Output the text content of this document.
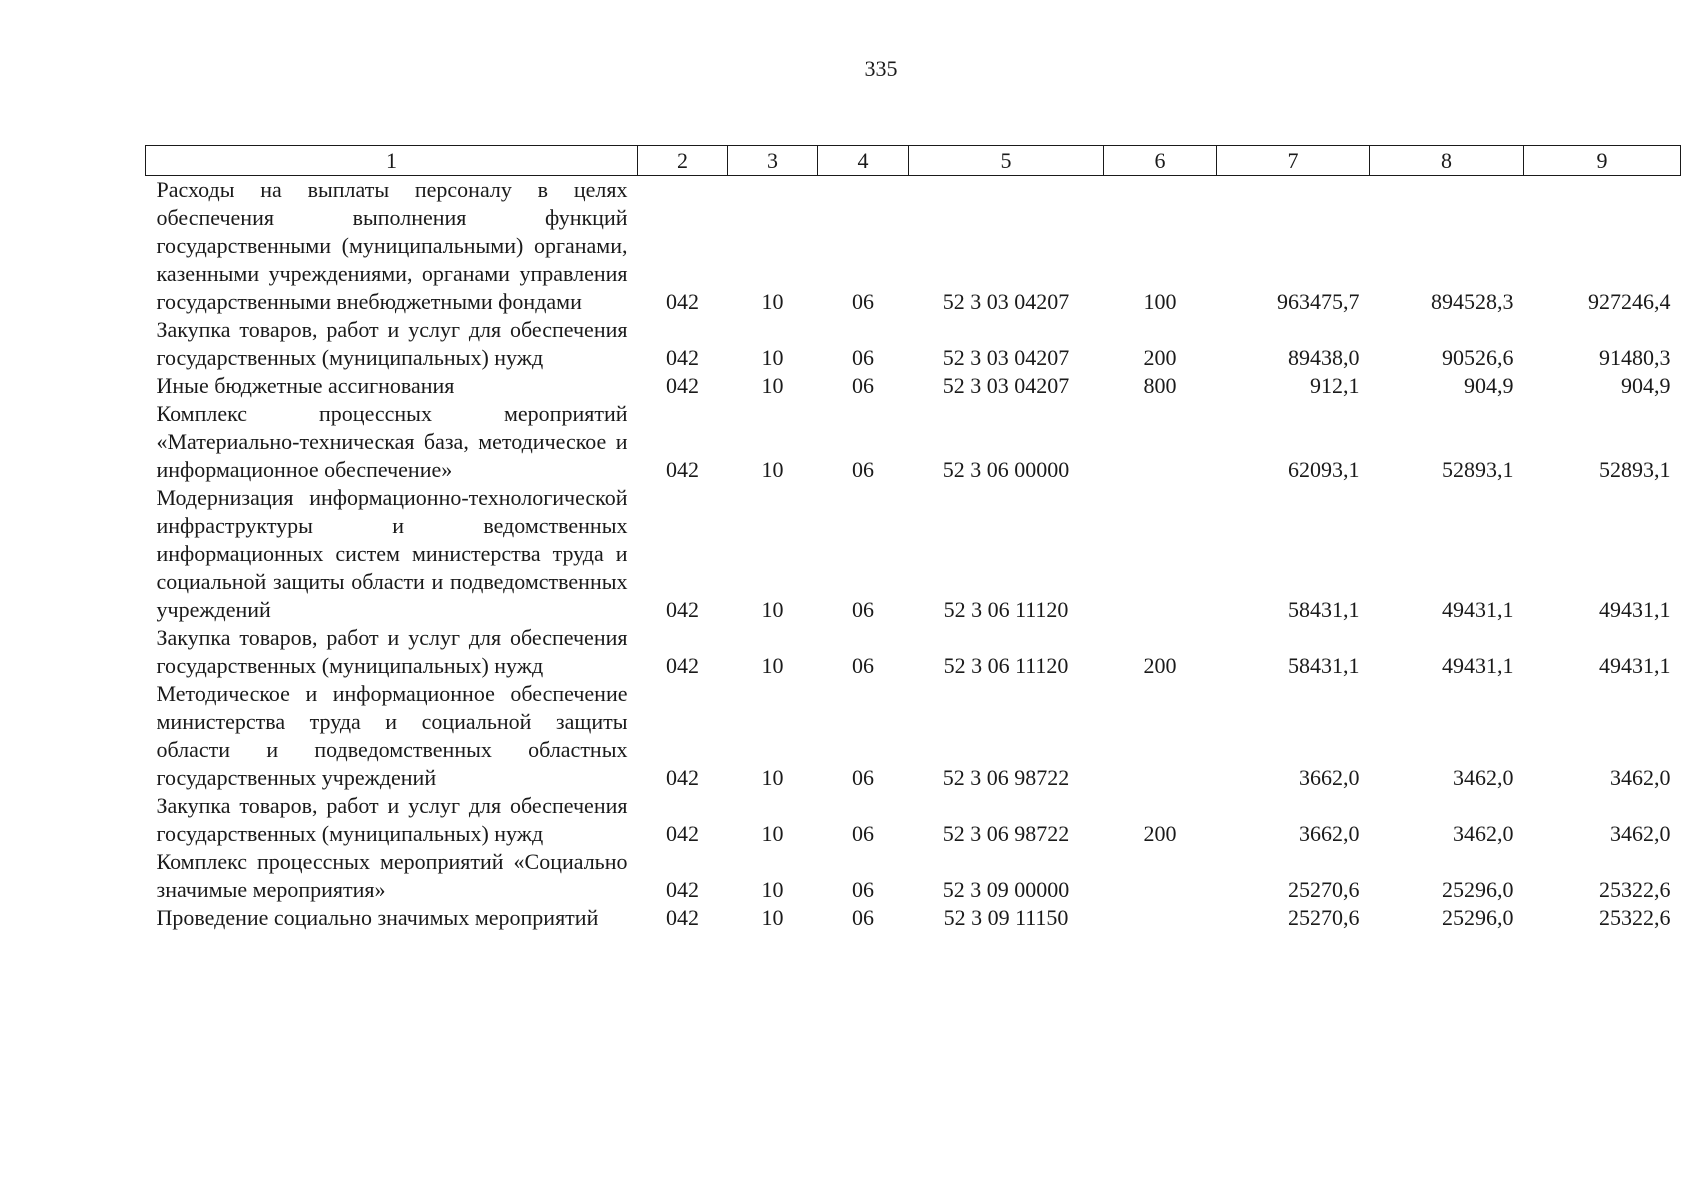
335
1	2	3	4	5	6	7	8	9
Расходы на выплаты персоналу в целях обеспечения выполнения функций государственными (муниципальными) органами, казенными учреждениями, органами управления государственными внебюджетными фондами	042	10	06	52 3 03 04207	100	963475,7	894528,3	927246,4
Закупка товаров, работ и услуг для обеспечения государственных (муниципальных) нужд	042	10	06	52 3 03 04207	200	89438,0	90526,6	91480,3
Иные бюджетные ассигнования	042	10	06	52 3 03 04207	800	912,1	904,9	904,9
Комплекс процессных мероприятий «Материально-техническая база, методическое и информационное обеспечение»	042	10	06	52 3 06 00000		62093,1	52893,1	52893,1
Модернизация информационно-технологической инфраструктуры и ведомственных информационных систем министерства труда и социальной защиты области и подведомственных учреждений	042	10	06	52 3 06 11120		58431,1	49431,1	49431,1
Закупка товаров, работ и услуг для обеспечения государственных (муниципальных) нужд	042	10	06	52 3 06 11120	200	58431,1	49431,1	49431,1
Методическое и информационное обеспечение министерства труда и социальной защиты области и подведомственных областных государственных учреждений	042	10	06	52 3 06 98722		3662,0	3462,0	3462,0
Закупка товаров, работ и услуг для обеспечения государственных (муниципальных) нужд	042	10	06	52 3 06 98722	200	3662,0	3462,0	3462,0
Комплекс процессных мероприятий «Социально значимые мероприятия»	042	10	06	52 3 09 00000		25270,6	25296,0	25322,6
Проведение социально значимых мероприятий	042	10	06	52 3 09 11150		25270,6	25296,0	25322,6
